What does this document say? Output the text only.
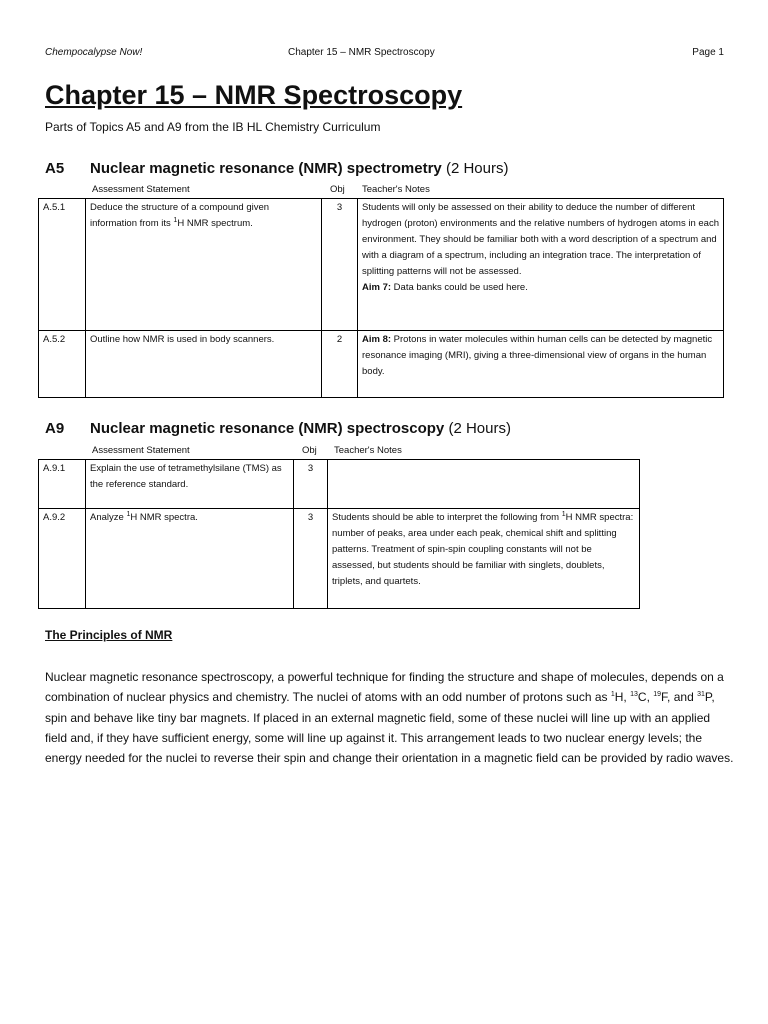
Chempocalypse Now!	Chapter 15 – NMR Spectroscopy	Page 1
Chapter 15 – NMR Spectroscopy
Parts of Topics A5 and A9 from the IB HL Chemistry Curriculum
A5 Nuclear magnetic resonance (NMR) spectrometry (2 Hours)
Assessment Statement	Obj Teacher's Notes
A.5.1	Deduce the structure of a compound given information from its $^1$H NMR spectrum.	3	Students will only be assessed on their ability to deduce the number of different hydrogen (proton) environments and the relative numbers of hydrogen atoms in each environment. They should be familiar both with a word description of a spectrum and with a diagram of a spectrum, including an integration trace. The interpretation of splitting patterns will not be assessed.
Aim 7: Data banks could be used here.
A.5.2	Outline how NMR is used in body scanners.	2	Aim 8: Protons in water molecules within human cells can be detected by magnetic resonance imaging (MRI), giving a three-dimensional view of organs in the human body.
A9 Nuclear magnetic resonance (NMR) spectroscopy (2 Hours)
Assessment Statement	Obj Teacher's Notes
A.9.1	Explain the use of tetramethylsilane (TMS) as the reference standard.	3	
A.9.2	Analyze $^1$H NMR spectra.	3	Students should be able to interpret the following from $^1$H NMR spectra: number of peaks, area under each peak, chemical shift and splitting patterns. Treatment of spin-spin coupling constants will not be assessed, but students should be familiar with singlets, doublets, triplets, and quartets.
The Principles of NMR

Nuclear magnetic resonance spectroscopy, a powerful technique for finding the structure and shape of molecules, depends on a combination of nuclear physics and chemistry. The nuclei of atoms with an odd number of protons such as $^1$H, $^{13}$C, $^{19}$F, and $^{31}$P, spin and behave like tiny bar magnets. If placed in an external magnetic field, some of these nuclei will line up with an applied field and, if they have sufficient energy, some will line up against it. This arrangement leads to two nuclear energy levels; the energy needed for the nuclei to reverse their spin and change their orientation in a magnetic field can be provided by radio waves.
